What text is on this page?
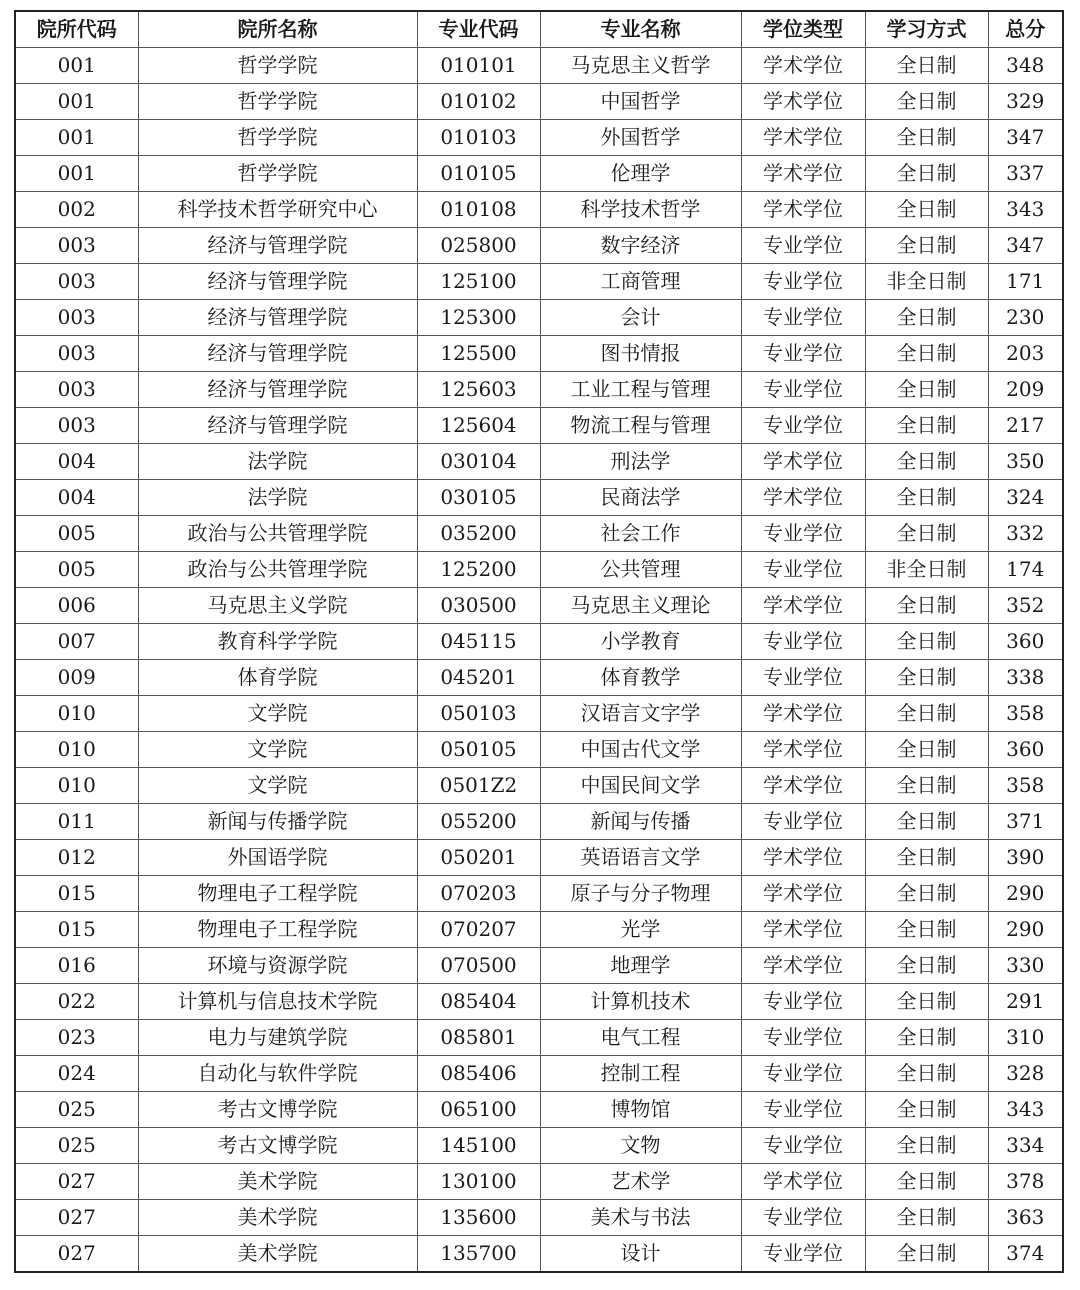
院所代码	院所名称	专业代码	专业名称	学位类型	学习方式	总分
001	哲学学院	010101	马克思主义哲学	学术学位	全日制	348
001	哲学学院	010102	中国哲学	学术学位	全日制	329
001	哲学学院	010103	外国哲学	学术学位	全日制	347
001	哲学学院	010105	伦理学	学术学位	全日制	337
002	科学技术哲学研究中心	010108	科学技术哲学	学术学位	全日制	343
003	经济与管理学院	025800	数字经济	专业学位	全日制	347
003	经济与管理学院	125100	工商管理	专业学位	非全日制	171
003	经济与管理学院	125300	会计	专业学位	全日制	230
003	经济与管理学院	125500	图书情报	专业学位	全日制	203
003	经济与管理学院	125603	工业工程与管理	专业学位	全日制	209
003	经济与管理学院	125604	物流工程与管理	专业学位	全日制	217
004	法学院	030104	刑法学	学术学位	全日制	350
004	法学院	030105	民商法学	学术学位	全日制	324
005	政治与公共管理学院	035200	社会工作	专业学位	全日制	332
005	政治与公共管理学院	125200	公共管理	专业学位	非全日制	174
006	马克思主义学院	030500	马克思主义理论	学术学位	全日制	352
007	教育科学学院	045115	小学教育	专业学位	全日制	360
009	体育学院	045201	体育教学	专业学位	全日制	338
010	文学院	050103	汉语言文字学	学术学位	全日制	358
010	文学院	050105	中国古代文学	学术学位	全日制	360
010	文学院	0501Z2	中国民间文学	学术学位	全日制	358
011	新闻与传播学院	055200	新闻与传播	专业学位	全日制	371
012	外国语学院	050201	英语语言文学	学术学位	全日制	390
015	物理电子工程学院	070203	原子与分子物理	学术学位	全日制	290
015	物理电子工程学院	070207	光学	学术学位	全日制	290
016	环境与资源学院	070500	地理学	学术学位	全日制	330
022	计算机与信息技术学院	085404	计算机技术	专业学位	全日制	291
023	电力与建筑学院	085801	电气工程	专业学位	全日制	310
024	自动化与软件学院	085406	控制工程	专业学位	全日制	328
025	考古文博学院	065100	博物馆	专业学位	全日制	343
025	考古文博学院	145100	文物	专业学位	全日制	334
027	美术学院	130100	艺术学	学术学位	全日制	378
027	美术学院	135600	美术与书法	专业学位	全日制	363
027	美术学院	135700	设计	专业学位	全日制	374
